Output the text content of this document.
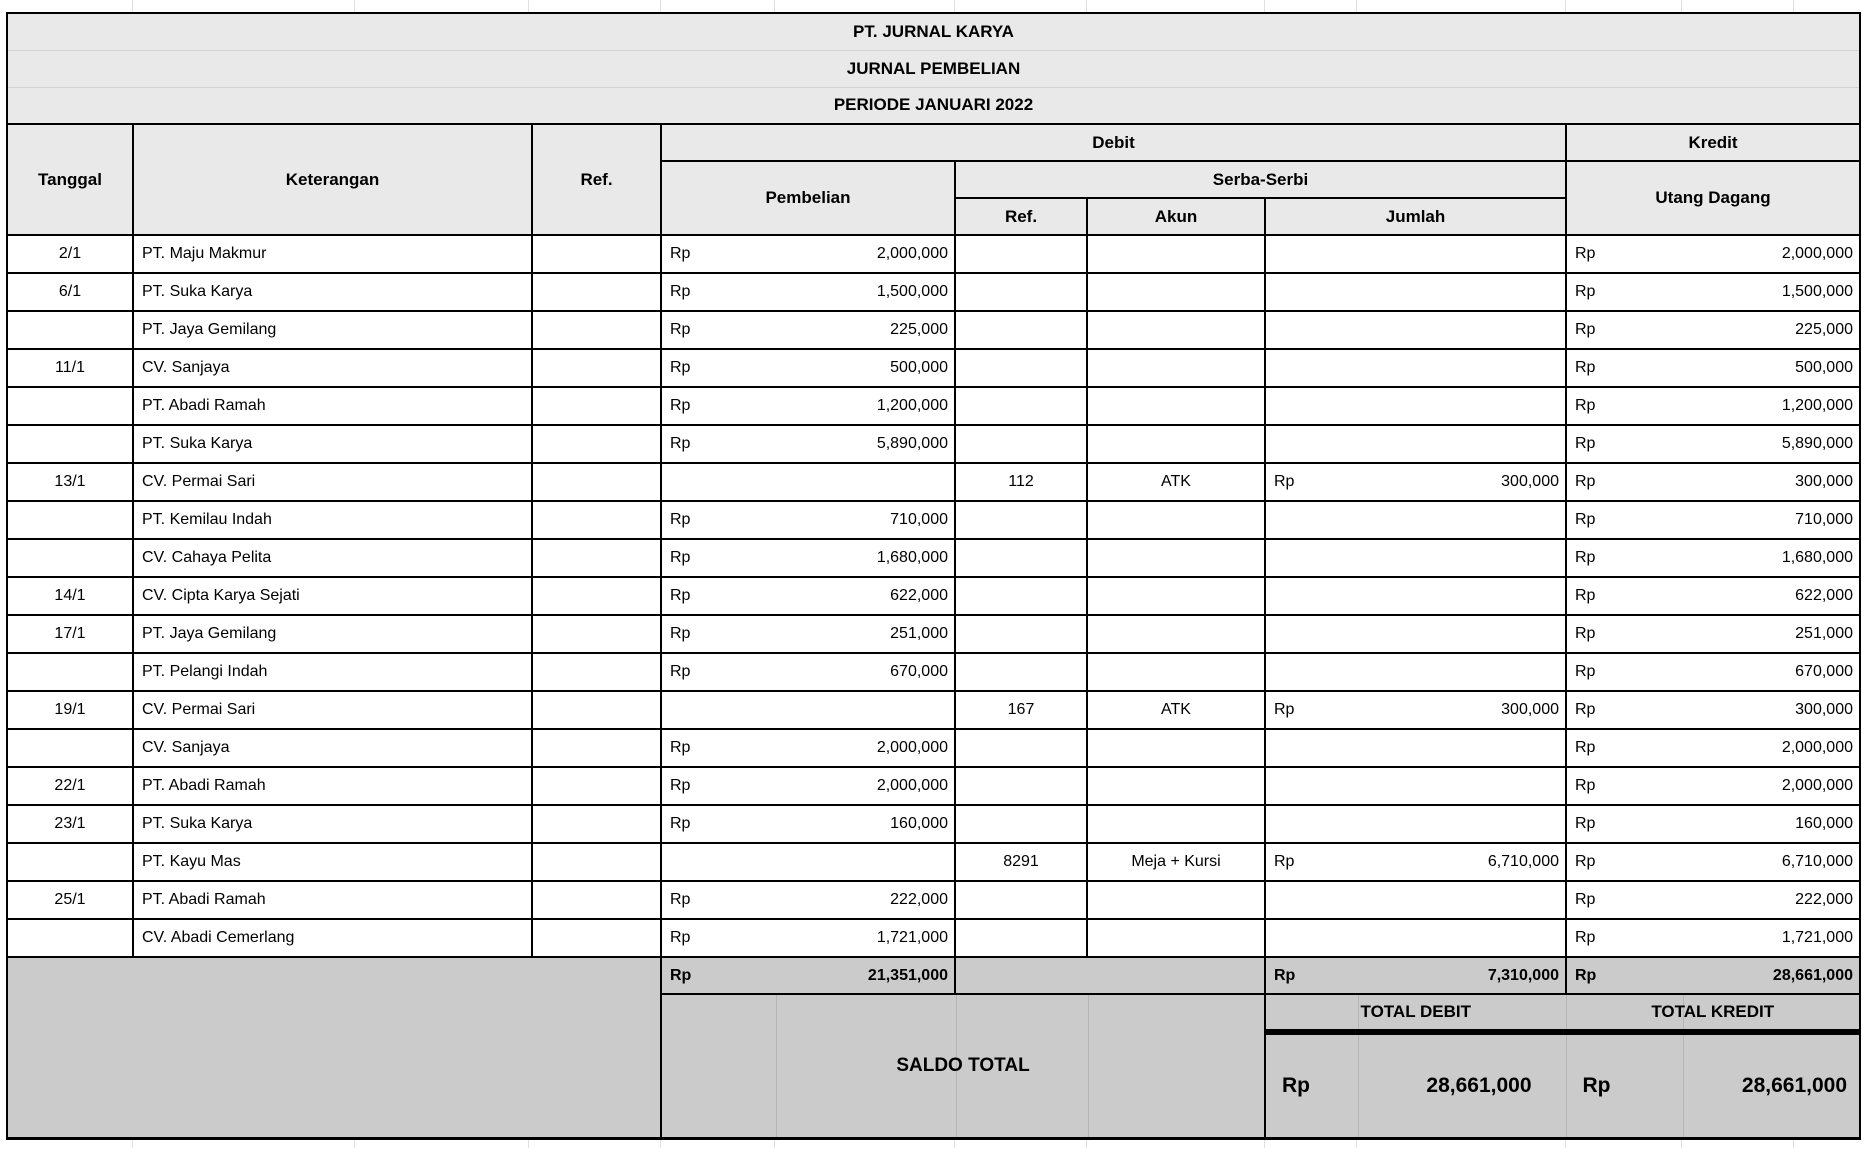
PT. JURNAL KARYA							
JURNAL PEMBELIAN							
PERIODE JANUARI 2022							
Tanggal	Keterangan	Ref.	Debit				Kredit
			Pembelian	Serba-Serbi			Utang Dagang
				Ref.	Akun	Jumlah	
2/1	PT. Maju Makmur		Rp 2,000,000				Rp 2,000,000

6/1	PT. Suka Karya		Rp 1,500,000				Rp 1,500,000

	PT. Jaya Gemilang		Rp 225,000				Rp 225,000

11/1	CV. Sanjaya		Rp 500,000				Rp 500,000

	PT. Abadi Ramah		Rp 1,200,000				Rp 1,200,000

	PT. Suka Karya		Rp 5,890,000				Rp 5,890,000

13/1	CV. Permai Sari			112	ATK	Rp 300,000	Rp 300,000

	PT. Kemilau Indah		Rp 710,000				Rp 710,000

	CV. Cahaya Pelita		Rp 1,680,000				Rp 1,680,000

14/1	CV. Cipta Karya Sejati		Rp 622,000				Rp 622,000

17/1	PT. Jaya Gemilang		Rp 251,000				Rp 251,000

	PT. Pelangi Indah		Rp 670,000				Rp 670,000

19/1	CV. Permai Sari			167	ATK	Rp 300,000	Rp 300,000

	CV. Sanjaya		Rp 2,000,000				Rp 2,000,000

22/1	PT. Abadi Ramah		Rp 2,000,000				Rp 2,000,000

23/1	PT. Suka Karya		Rp 160,000				Rp 160,000

	PT. Kayu Mas			8291	Meja + Kursi	Rp 6,710,000	Rp 6,710,000

25/1	PT. Abadi Ramah		Rp 222,000				Rp 222,000

	CV. Abadi Cemerlang		Rp 1,721,000				Rp 1,721,000

			Rp 21,351,000			Rp 7,310,000	Rp 28,661,000

			SALDO TOTAL			TOTAL DEBIT	TOTAL KREDIT

						Rp 28,661,000	Rp 28,661,000
